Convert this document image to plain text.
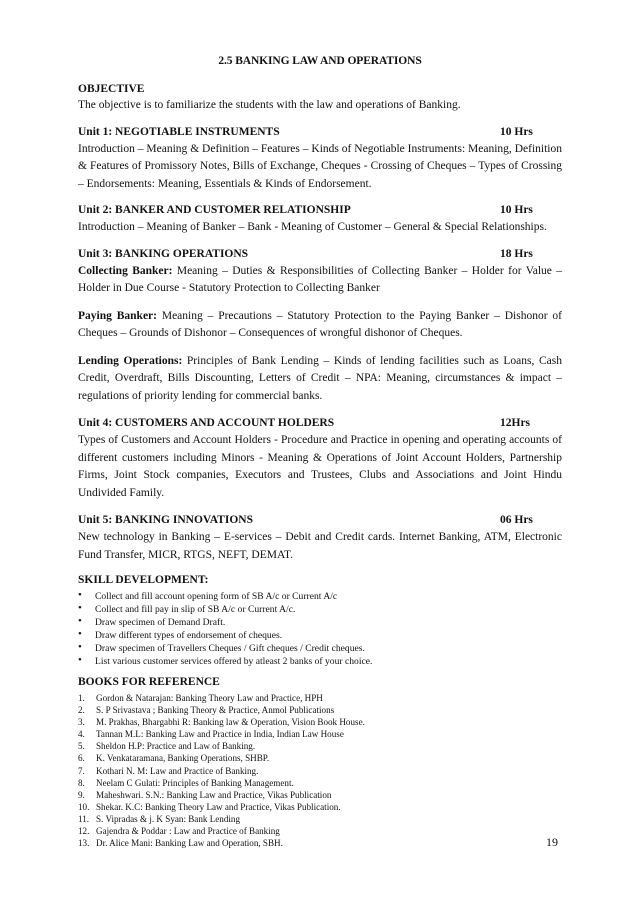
2.5 BANKING LAW AND OPERATIONS
OBJECTIVE

The objective is to familiarize the students with the law and operations of Banking.

Unit 1: NEGOTIABLE INSTRUMENTS	10 Hrs

Introduction – Meaning & Definition – Features – Kinds of Negotiable Instruments: Meaning, Definition & Features of Promissory Notes, Bills of Exchange, Cheques - Crossing of Cheques – Types of Crossing – Endorsements: Meaning, Essentials & Kinds of Endorsement.

Unit 2: BANKER AND CUSTOMER RELATIONSHIP	10 Hrs

Introduction – Meaning of Banker – Bank - Meaning of Customer – General & Special Relationships.

Unit 3: BANKING OPERATIONS	18 Hrs

Collecting Banker: Meaning – Duties & Responsibilities of Collecting Banker – Holder for Value – Holder in Due Course - Statutory Protection to Collecting Banker

Paying Banker: Meaning – Precautions – Statutory Protection to the Paying Banker – Dishonor of Cheques – Grounds of Dishonor – Consequences of wrongful dishonor of Cheques.

Lending Operations: Principles of Bank Lending – Kinds of lending facilities such as Loans, Cash Credit, Overdraft, Bills Discounting, Letters of Credit – NPA: Meaning, circumstances & impact – regulations of priority lending for commercial banks.

Unit 4: CUSTOMERS AND ACCOUNT HOLDERS	12Hrs

Types of Customers and Account Holders - Procedure and Practice in opening and operating accounts of different customers including Minors - Meaning & Operations of Joint Account Holders, Partnership Firms, Joint Stock companies, Executors and Trustees, Clubs and Associations and Joint Hindu Undivided Family.

Unit 5: BANKING INNOVATIONS	06 Hrs

New technology in Banking – E-services – Debit and Credit cards. Internet Banking, ATM, Electronic Fund Transfer, MICR, RTGS, NEFT, DEMAT.

SKILL DEVELOPMENT:
• Collect and fill account opening form of SB A/c or Current A/c
• Collect and fill pay in slip of SB A/c or Current A/c.
• Draw specimen of Demand Draft.
• Draw different types of endorsement of cheques.
• Draw specimen of Travellers Cheques / Gift cheques / Credit cheques.
• List various customer services offered by atleast 2 banks of your choice.
BOOKS FOR REFERENCE
1.	Gordon & Natarajan: Banking Theory Law and Practice, HPH
2.	S. P Srivastava ; Banking Theory & Practice, Anmol Publications
3.	M. Prakhas, Bhargabhi R: Banking law & Operation, Vision Book House.
4.	Tannan M.L: Banking Law and Practice in India, Indian Law House
5.	Sheldon H.P: Practice and Law of Banking.
6.	K. Venkataramana, Banking Operations, SHBP.
7.	Kothari N. M: Law and Practice of Banking.
8.	Neelam C Gulati: Principles of Banking Management.
9.	Maheshwari. S.N.: Banking Law and Practice, Vikas Publication
10. Shekar. K.C: Banking Theory Law and Practice, Vikas Publication.
11. S. Vipradas & j. K Syan: Bank Lending
12. Gajendra & Poddar : Law and Practice of Banking
13. Dr. Alice Mani: Banking Law and Operation, SBH.	19
